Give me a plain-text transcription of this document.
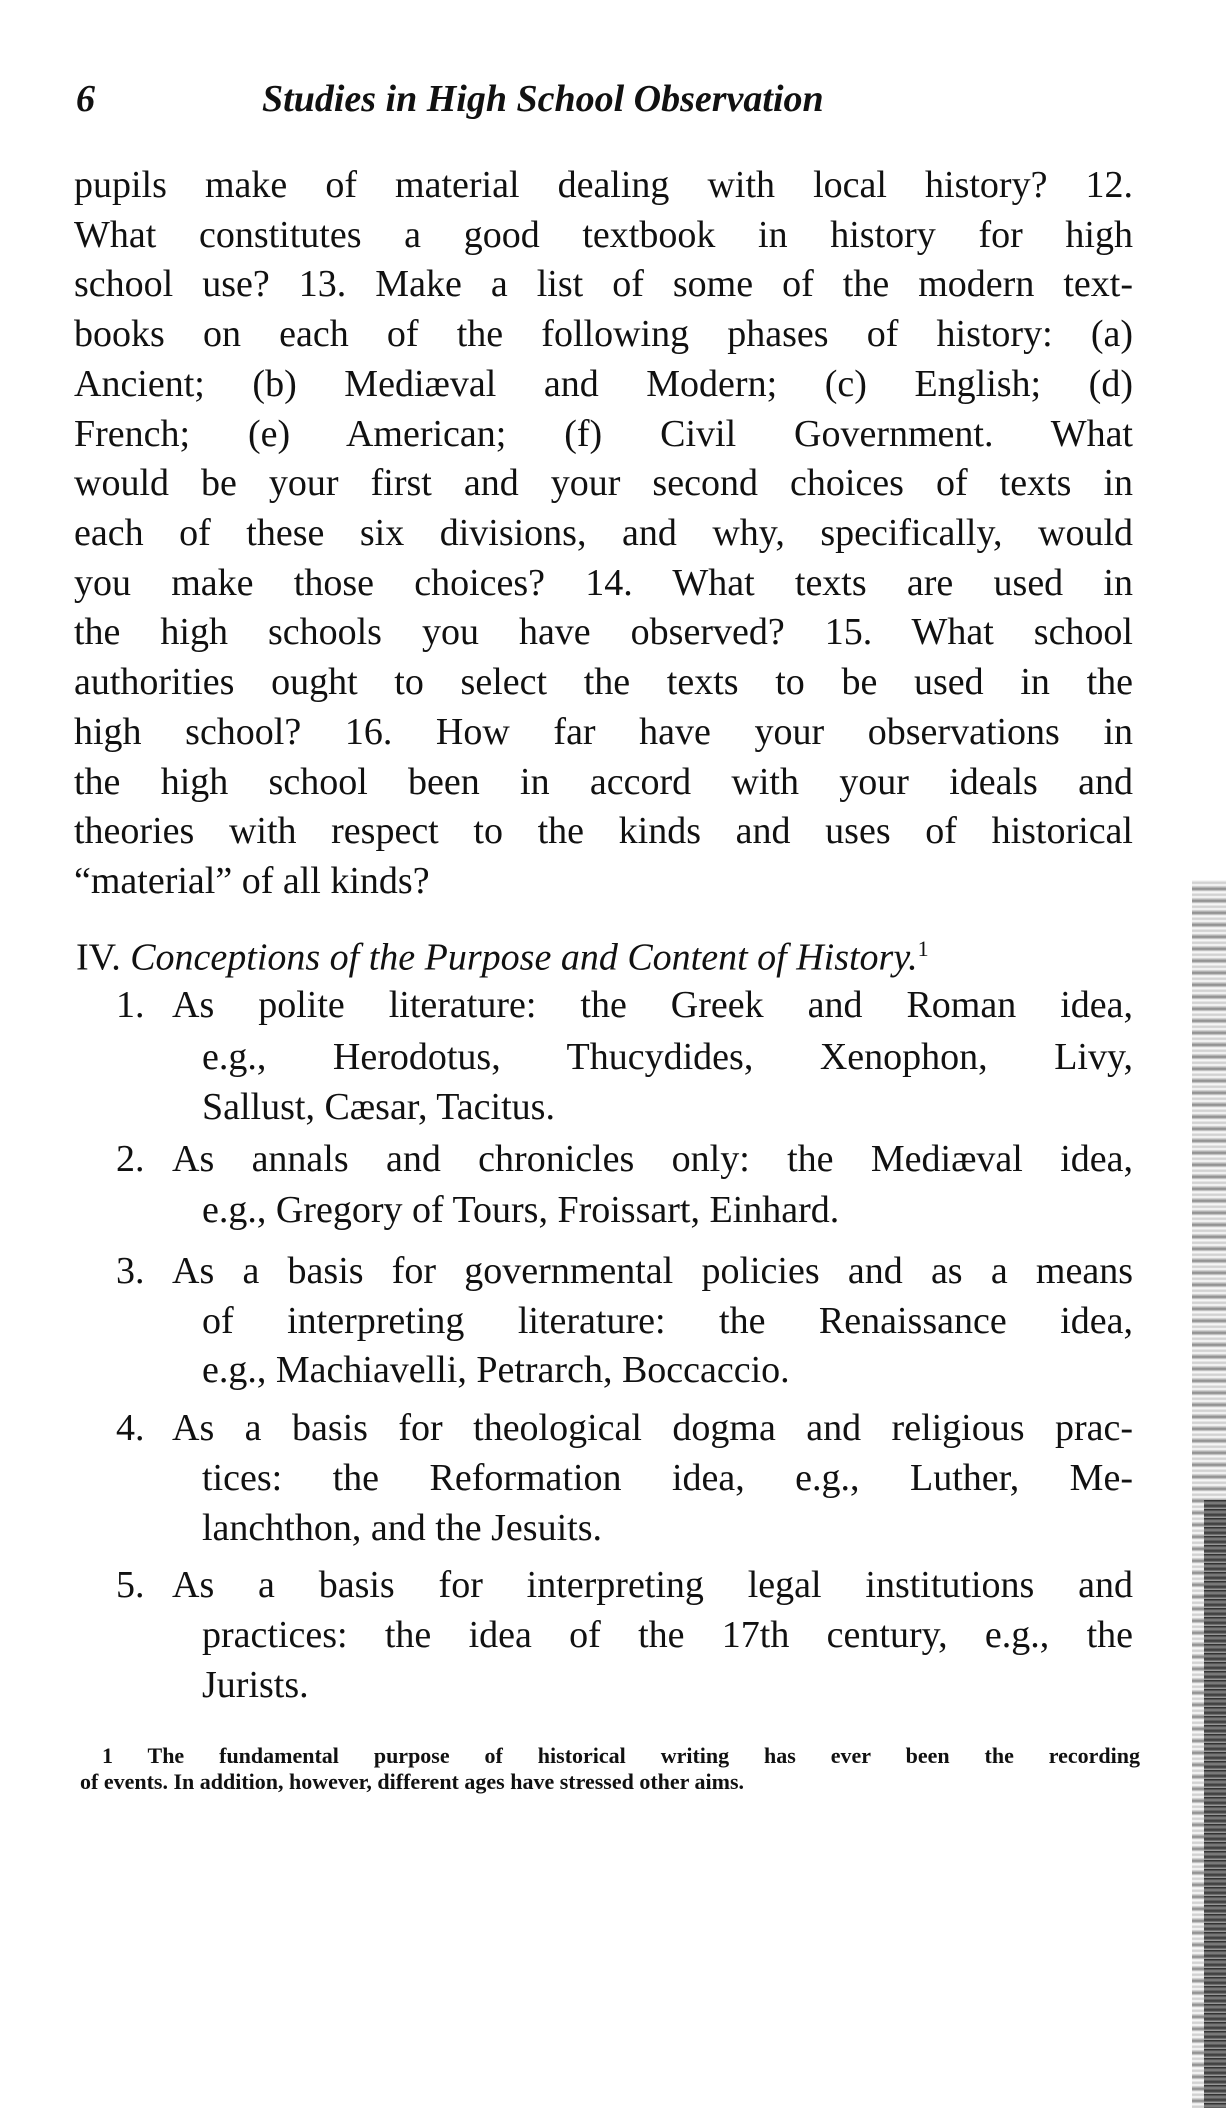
6	Studies in High School Observation
pupils make of material dealing with local history? 12.
What constitutes a good textbook in history for high
school use? 13. Make a list of some of the modern text-
books on each of the following phases of history: (a)
Ancient; (b) Mediæval and Modern; (c) English; (d)
French; (e) American; (f) Civil Government. What
would be your first and your second choices of texts in
each of these six divisions, and why, specifically, would
you make those choices? 14. What texts are used in
the high schools you have observed? 15. What school
authorities ought to select the texts to be used in the
high school? 16. How far have your observations in
the high school been in accord with your ideals and
theories with respect to the kinds and uses of historical
“material” of all kinds?
IV. Conceptions of the Purpose and Content of History.$^1$
1. As polite literature: the Greek and Roman idea,
e.g., Herodotus, Thucydides, Xenophon, Livy,
Sallust, Cæsar, Tacitus.
2. As annals and chronicles only: the Mediæval idea,
e.g., Gregory of Tours, Froissart, Einhard.
3. As a basis for governmental policies and as a means
of interpreting literature: the Renaissance idea,
e.g., Machiavelli, Petrarch, Boccaccio.
4. As a basis for theological dogma and religious prac-
tices: the Reformation idea, e.g., Luther, Me-
lanchthon, and the Jesuits.
5. As a basis for interpreting legal institutions and
practices: the idea of the 17th century, e.g., the
Jurists.
1 The fundamental purpose of historical writing has ever been the recording
of events. In addition, however, different ages have stressed other aims.
